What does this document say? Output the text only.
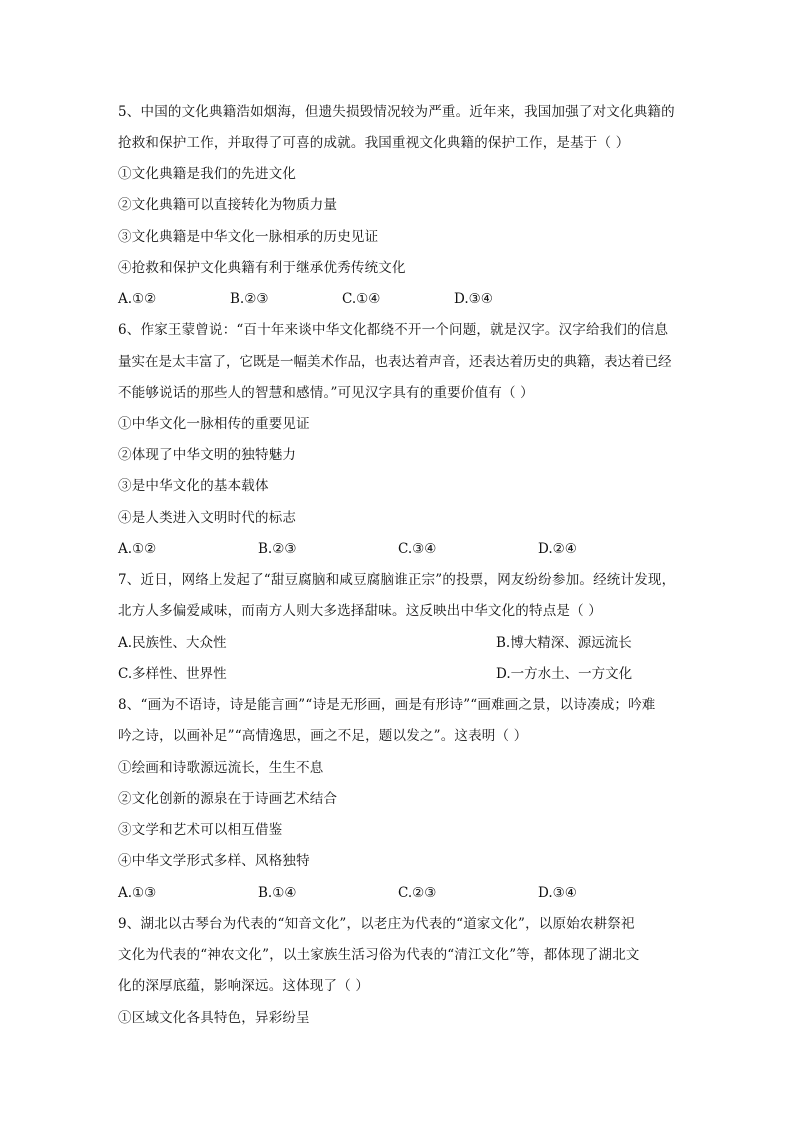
5、中国的文化典籍浩如烟海，但遗失损毁情况较为严重。近年来，我国加强了对文化典籍的
抢救和保护工作，并取得了可喜的成就。我国重视文化典籍的保护工作，是基于（ ）
①文化典籍是我们的先进文化
②文化典籍可以直接转化为物质力量
③文化典籍是中华文化一脉相承的历史见证
④抢救和保护文化典籍有利于继承优秀传统文化
A.①②	B.②③	C.①④	D.③④
6、作家王蒙曾说：“百十年来谈中华文化都绕不开一个问题，就是汉字。汉字给我们的信息
量实在是太丰富了，它既是一幅美术作品，也表达着声音，还表达着历史的典籍，表达着已经
不能够说话的那些人的智慧和感情。”可见汉字具有的重要价值有（ ）
①中华文化一脉相传的重要见证
②体现了中华文明的独特魅力
③是中华文化的基本载体
④是人类进入文明时代的标志
A.①②	B.②③	C.③④	D.②④
7、近日，网络上发起了“甜豆腐脑和咸豆腐脑谁正宗”的投票，网友纷纷参加。经统计发现，
北方人多偏爱咸味，而南方人则大多选择甜味。这反映出中华文化的特点是（ ）
A.民族性、大众性	B.博大精深、源远流长
C.多样性、世界性	D.一方水土、一方文化
8、“画为不语诗，诗是能言画”“诗是无形画，画是有形诗”“画难画之景，以诗凑成；吟难
吟之诗，以画补足”“高情逸思，画之不足，题以发之”。这表明（ ）
①绘画和诗歌源远流长，生生不息
②文化创新的源泉在于诗画艺术结合
③文学和艺术可以相互借鉴
④中华文学形式多样、风格独特
A.①③	B.①④	C.②③	D.③④
9、湖北以古琴台为代表的“知音文化”，以老庄为代表的“道家文化”，以原始农耕祭祀
文化为代表的“神农文化”，以土家族生活习俗为代表的“清江文化”等，都体现了湖北文
化的深厚底蕴，影响深远。这体现了（ ）
①区域文化各具特色，异彩纷呈
